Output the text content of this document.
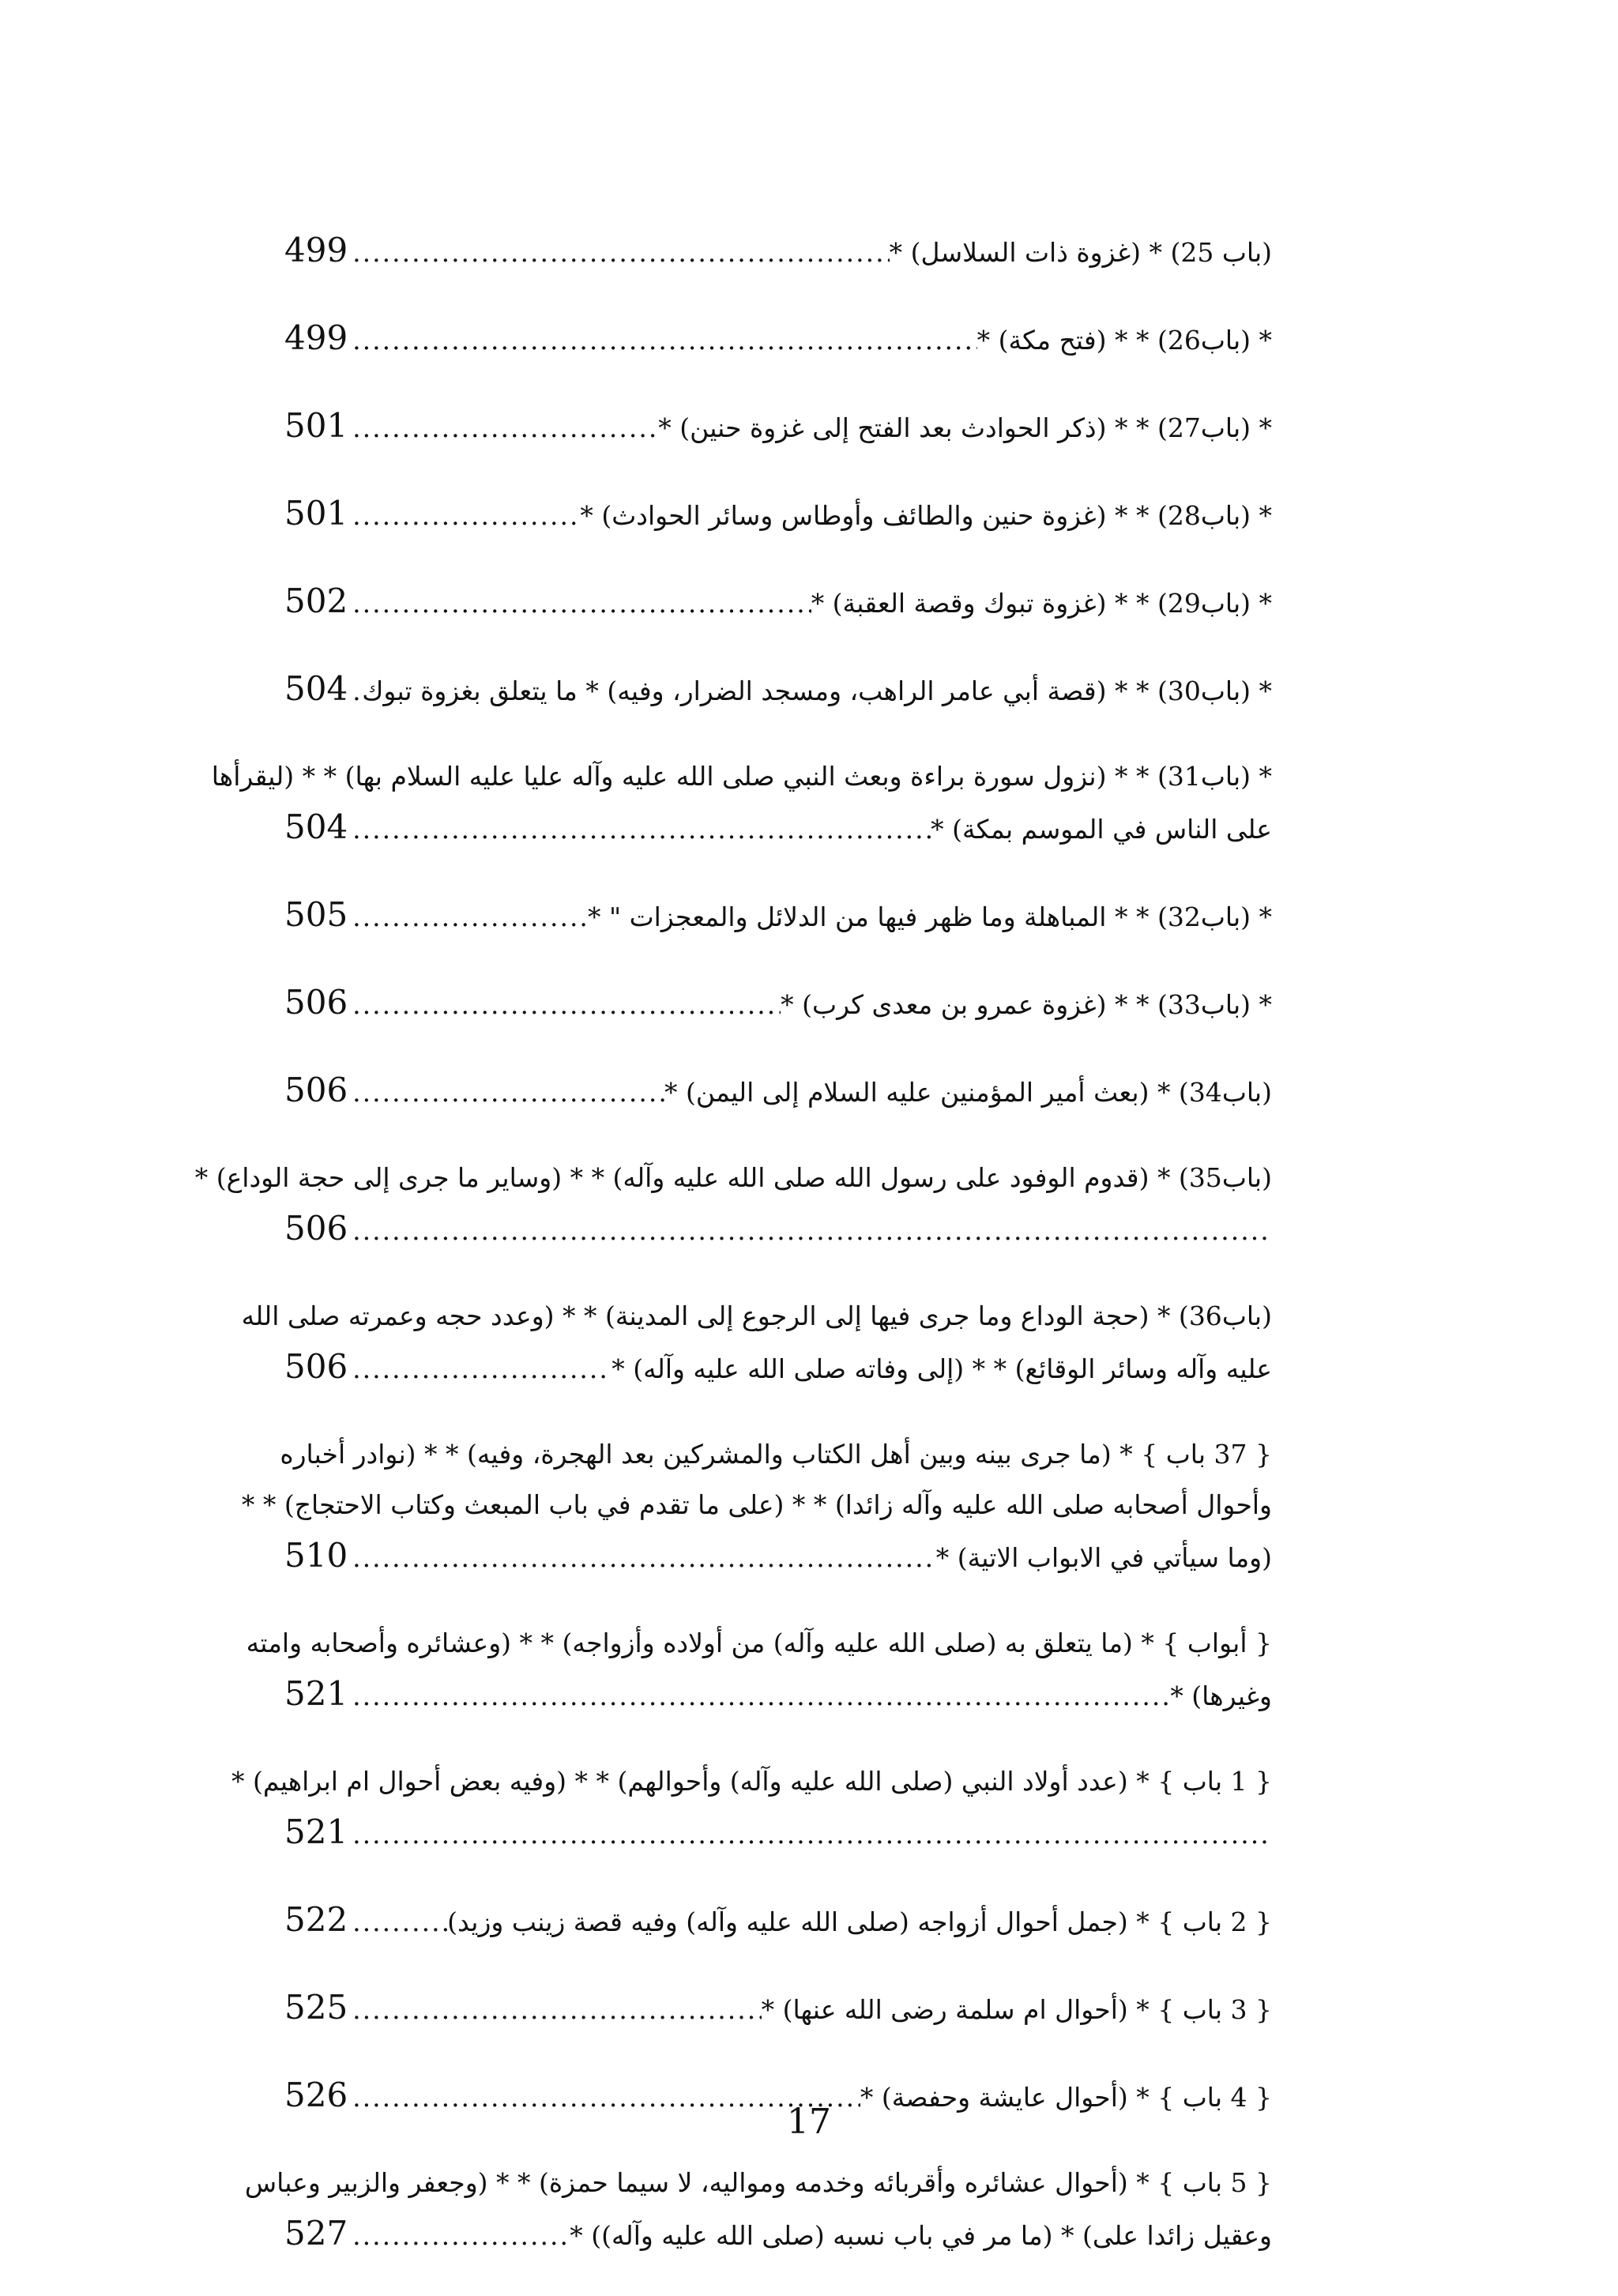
(باب 25) * (غزوة ذات السلاسل) *
.....
499
* (باب26) * * (فتح مكة) *
.....
499
* (باب27) * * (ذكر الحوادث بعد الفتح إلى غزوة حنين) *
.....
501
* (باب28) * * (غزوة حنين والطائف وأوطاس وسائر الحوادث) *
.....
501
* (باب29) * * (غزوة تبوك وقصة العقبة) *
.....
502
* (باب30) * * (قصة أبي عامر الراهب، ومسجد الضرار، وفيه) * ما يتعلق بغزوة تبوك
.....
504
* (باب31) * * (نزول سورة براءة وبعث النبي صلى الله عليه وآله عليا عليه السلام بها) * * (ليقرأها
على الناس في الموسم بمكة) *
.....
504
* (باب32) * * المباهلة وما ظهر فيها من الدلائل والمعجزات " *
.....
505
* (باب33) * * (غزوة عمرو بن معدى كرب) *
.....
506
(باب34) * (بعث أمير المؤمنين عليه السلام إلى اليمن) *
.....
506
(باب35) * (قدوم الوفود على رسول الله صلى الله عليه وآله) * * (وساير ما جرى إلى حجة الوداع) *
.....
506
(باب36) * (حجة الوداع وما جرى فيها إلى الرجوع إلى المدينة) * * (وعدد حجه وعمرته صلى الله
عليه وآله وسائر الوقائع) * * (إلى وفاته صلى الله عليه وآله) *
.....
506
{ 37 باب } * (ما جرى بينه وبين أهل الكتاب والمشركين بعد الهجرة، وفيه) * * (نوادر أخباره
وأحوال أصحابه صلى الله عليه وآله زائدا) * * (على ما تقدم في باب المبعث وكتاب الاحتجاج) * *
(وما سيأتي في الابواب الاتية) *
.....
510
{ أبواب } * (ما يتعلق به (صلى الله عليه وآله) من أولاده وأزواجه) * * (وعشائره وأصحابه وامته
وغيرها) *
.....
521
{ 1 باب } * (عدد أولاد النبي (صلى الله عليه وآله) وأحوالهم) * * (وفيه بعض أحوال ام ابراهيم) *
.....
521
{ 2 باب } * (جمل أحوال أزواجه (صلى الله عليه وآله) وفيه قصة زينب وزيد)
.....
522
{ 3 باب } * (أحوال ام سلمة رضى الله عنها) *
.....
525
{ 4 باب } * (أحوال عايشة وحفصة) *
.....
526
{ 5 باب } * (أحوال عشائره وأقربائه وخدمه ومواليه، لا سيما حمزة) * * (وجعفر والزبير وعباس
وعقيل زائدا على) * (ما مر في باب نسبه (صلى الله عليه وآله)) *
.....
527
17
